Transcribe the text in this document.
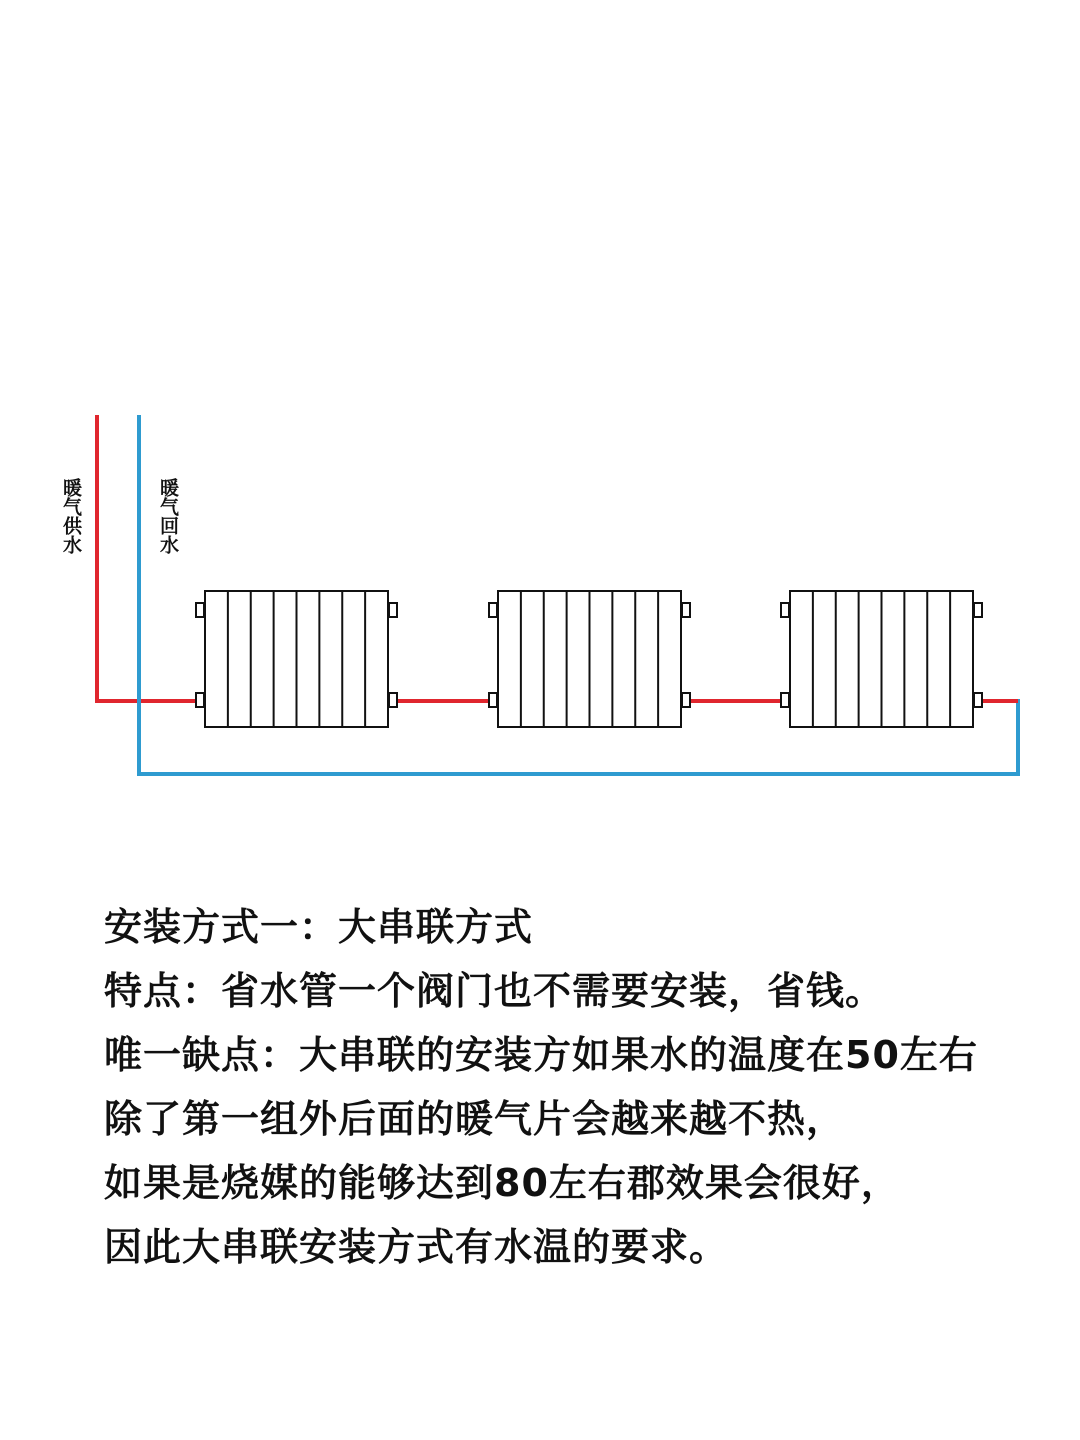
暖气供水	暖气回水
安装方式一：大串联方式
特点：省水管一个阀门也不需要安装，省钱。
唯一缺点：大串联的安装方如果水的温度在50左右
除了第一组外后面的暖气片会越来越不热，
如果是烧媒的能够达到80左右郡效果会很好，
因此大串联安装方式有水温的要求。
